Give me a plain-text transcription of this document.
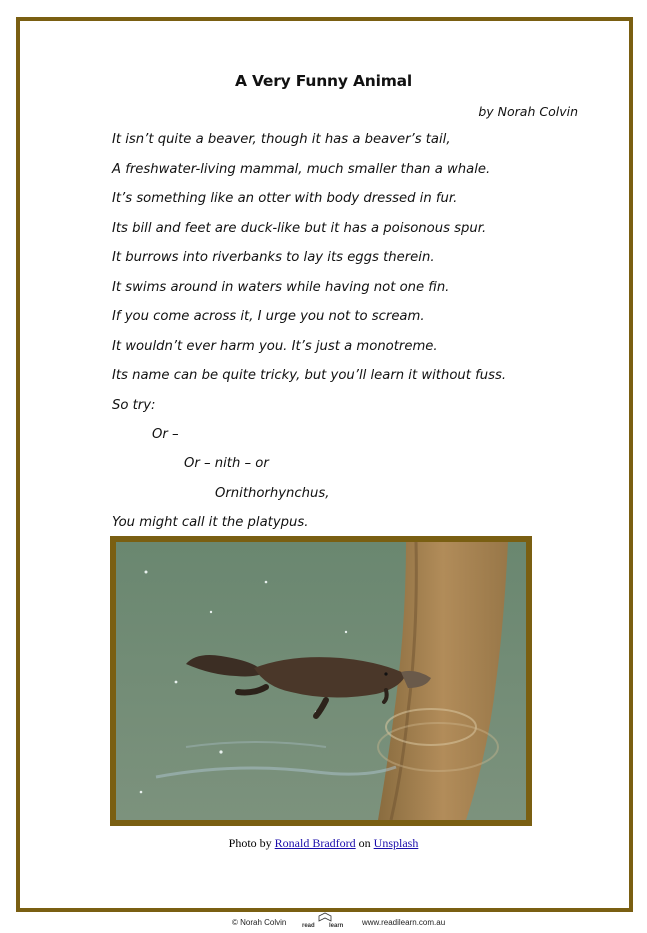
A Very Funny Animal
by Norah Colvin
It isn’t quite a beaver, though it has a beaver’s tail,
A freshwater-living mammal, much smaller than a whale.
It’s something like an otter with body dressed in fur.
Its bill and feet are duck-like but it has a poisonous spur.
It burrows into riverbanks to lay its eggs therein.
It swims around in waters while having not one fin.
If you come across it, I urge you not to scream.
It wouldn’t ever harm you. It’s just a monotreme.
Its name can be quite tricky, but you’ll learn it without fuss.
So try:
Or –
Or – nith – or
Ornithorhynchus,
You might call it the platypus.
Photo by Ronald Bradford on Unsplash
© Norah Colvin	read learn www.readilearn.com.au
